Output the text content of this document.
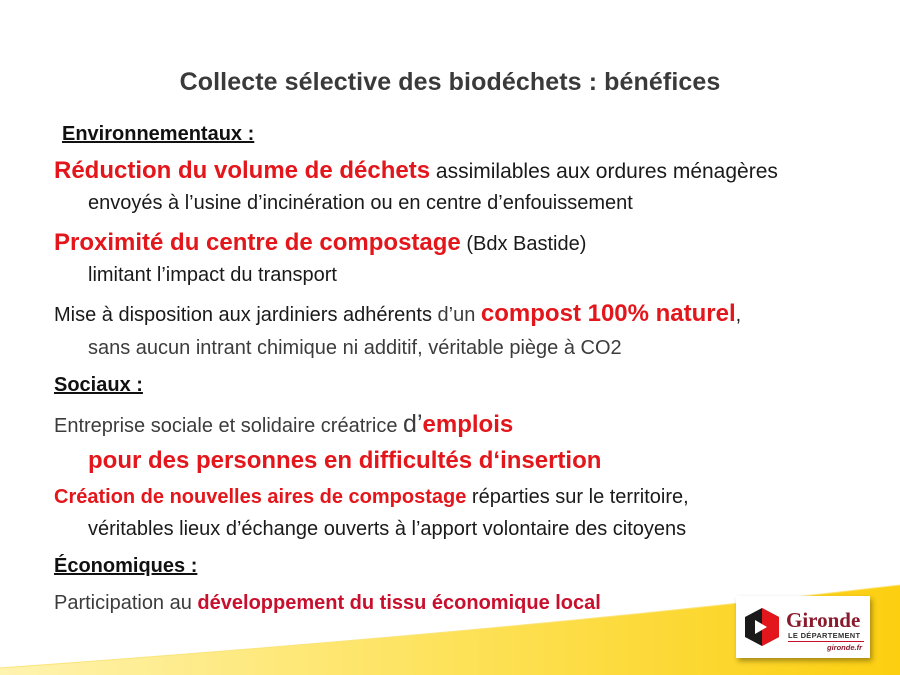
Collecte sélective des biodéchets : bénéfices
Environnementaux :
Réduction du volume de déchets assimilables aux ordures ménagères
envoyés à l’usine d’incinération ou en centre d’enfouissement
Proximité du centre de compostage (Bdx Bastide)
limitant l’impact du transport
Mise à disposition aux jardiniers adhérents d’un compost 100% naturel,
sans aucun intrant chimique ni additif, véritable piège à CO2
Sociaux :
Entreprise sociale et solidaire créatrice d’emplois
pour des personnes en difficultés d‘insertion
Création de nouvelles aires de compostage réparties sur le territoire,
véritables lieux d’échange ouverts à l’apport volontaire des citoyens
Économiques :
Participation au développement du tissu économique local
Gironde
LE DÉPARTEMENT
gironde.fr
